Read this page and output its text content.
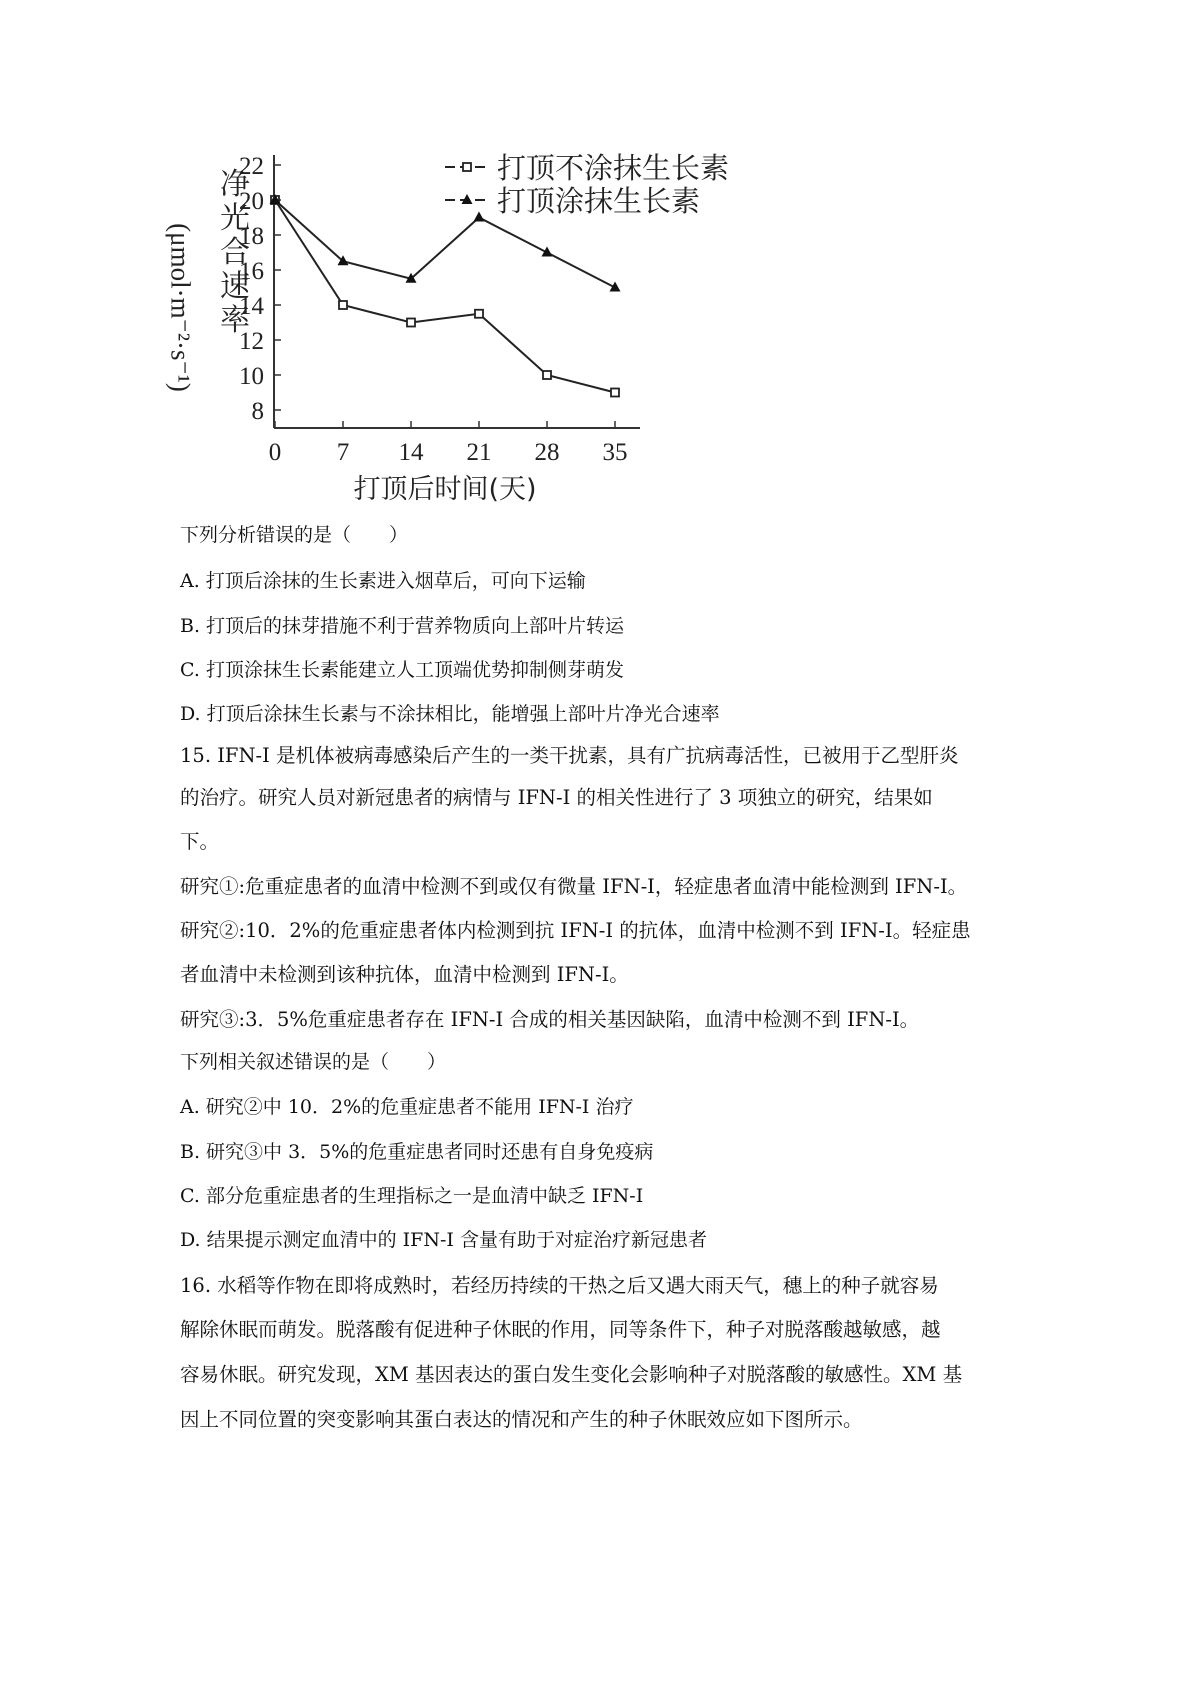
8
10
12
14
16
18
20
22
0 7 14 21 28 35
打顶后时间(天)
打顶不涂抹生长素
打顶涂抹生长素
净光合速率
(μmol·m⁻²·s⁻¹)
下列分析错误的是（　　）
A. 打顶后涂抹的生长素进入烟草后，可向下运输
B. 打顶后的抹芽措施不利于营养物质向上部叶片转运
C. 打顶涂抹生长素能建立人工顶端优势抑制侧芽萌发
D. 打顶后涂抹生长素与不涂抹相比，能增强上部叶片净光合速率
15. IFN-I 是机体被病毒感染后产生的一类干扰素，具有广抗病毒活性，已被用于乙型肝炎
的治疗。研究人员对新冠患者的病情与 IFN-I 的相关性进行了 3 项独立的研究，结果如
下。
研究①:危重症患者的血清中检测不到或仅有微量 IFN-I，轻症患者血清中能检测到 IFN-I。
研究②:10．2%的危重症患者体内检测到抗 IFN-I 的抗体，血清中检测不到 IFN-I。轻症患
者血清中未检测到该种抗体，血清中检测到 IFN-I。
研究③:3．5%危重症患者存在 IFN-I 合成的相关基因缺陷，血清中检测不到 IFN-I。
下列相关叙述错误的是（　　）
A. 研究②中 10．2%的危重症患者不能用 IFN-I 治疗
B. 研究③中 3．5%的危重症患者同时还患有自身免疫病
C. 部分危重症患者的生理指标之一是血清中缺乏 IFN-I
D. 结果提示测定血清中的 IFN-I 含量有助于对症治疗新冠患者
16. 水稻等作物在即将成熟时，若经历持续的干热之后又遇大雨天气，穗上的种子就容易
解除休眠而萌发。脱落酸有促进种子休眠的作用，同等条件下，种子对脱落酸越敏感，越
容易休眠。研究发现，XM 基因表达的蛋白发生变化会影响种子对脱落酸的敏感性。XM 基
因上不同位置的突变影响其蛋白表达的情况和产生的种子休眠效应如下图所示。
